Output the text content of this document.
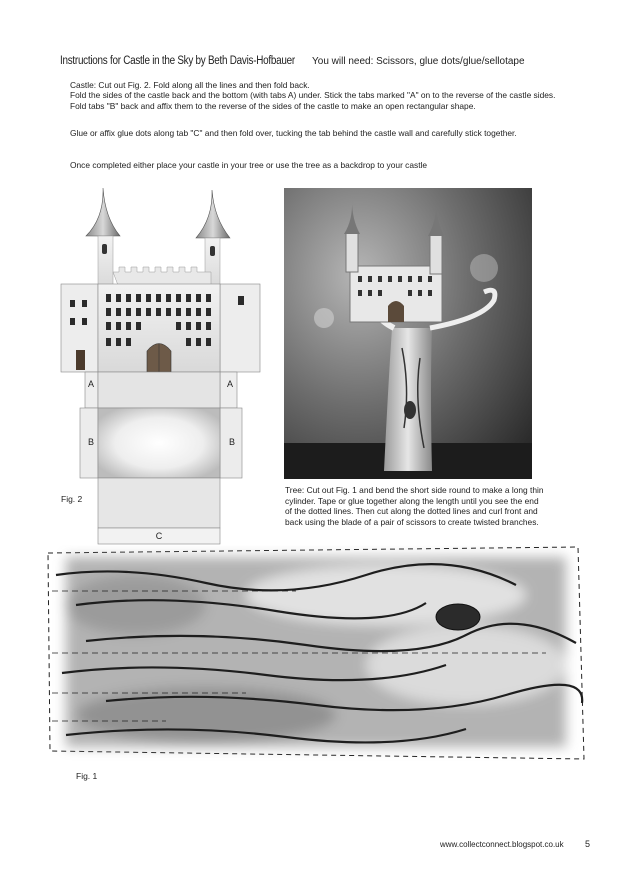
Instructions for Castle in the Sky by Beth Davis-Hofbauer You will need: Scissors, glue dots/glue/sellotape
Castle: Cut out Fig. 2. Fold along all the lines and then fold back.
Fold the sides of the castle back and the bottom (with tabs A) under. Stick the tabs marked "A" on to the reverse of the castle sides. Fold tabs "B" back and affix them to the reverse of the sides of the castle to make an open rectangular shape.
Glue or affix glue dots along tab "C" and then fold over, tucking the tab behind the castle wall and carefully stick together.
Once completed either place your castle in your tree or use the tree as a backdrop to your castle
A	A
B	B
C
Fig. 2
Tree: Cut out Fig. 1 and bend the short side round to make a long thin cylinder. Tape or glue together along the length until you see the end of the dotted lines. Then cut along the dotted lines and curl front and back using the blade of a pair of scissors to create twisted branches.
Fig. 1
www.collectconnect.blogspot.co.uk 5
